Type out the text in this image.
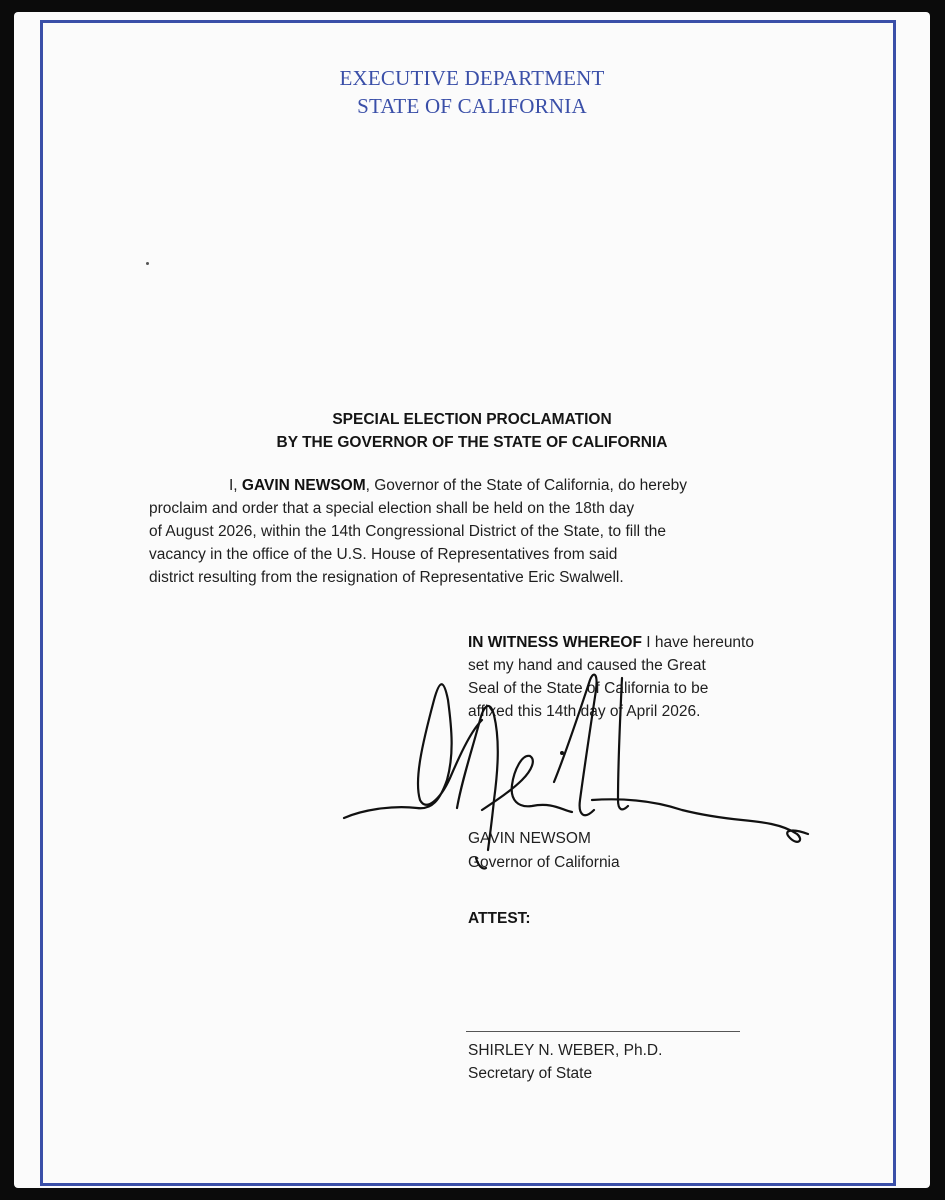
EXECUTIVE DEPARTMENT
STATE OF CALIFORNIA
SPECIAL ELECTION PROCLAMATION
BY THE GOVERNOR OF THE STATE OF CALIFORNIA
I, GAVIN NEWSOM, Governor of the State of California, do hereby
proclaim and order that a special election shall be held on the 18th day
of August 2026, within the 14th Congressional District of the State, to fill the
vacancy in the office of the U.S. House of Representatives from said
district resulting from the resignation of Representative Eric Swalwell.
IN WITNESS WHEREOF I have hereunto
set my hand and caused the Great
Seal of the State of California to be
affixed this 14th day of April 2026.
GAVIN NEWSOM
Governor of California
ATTEST:
SHIRLEY N. WEBER, Ph.D.
Secretary of State
